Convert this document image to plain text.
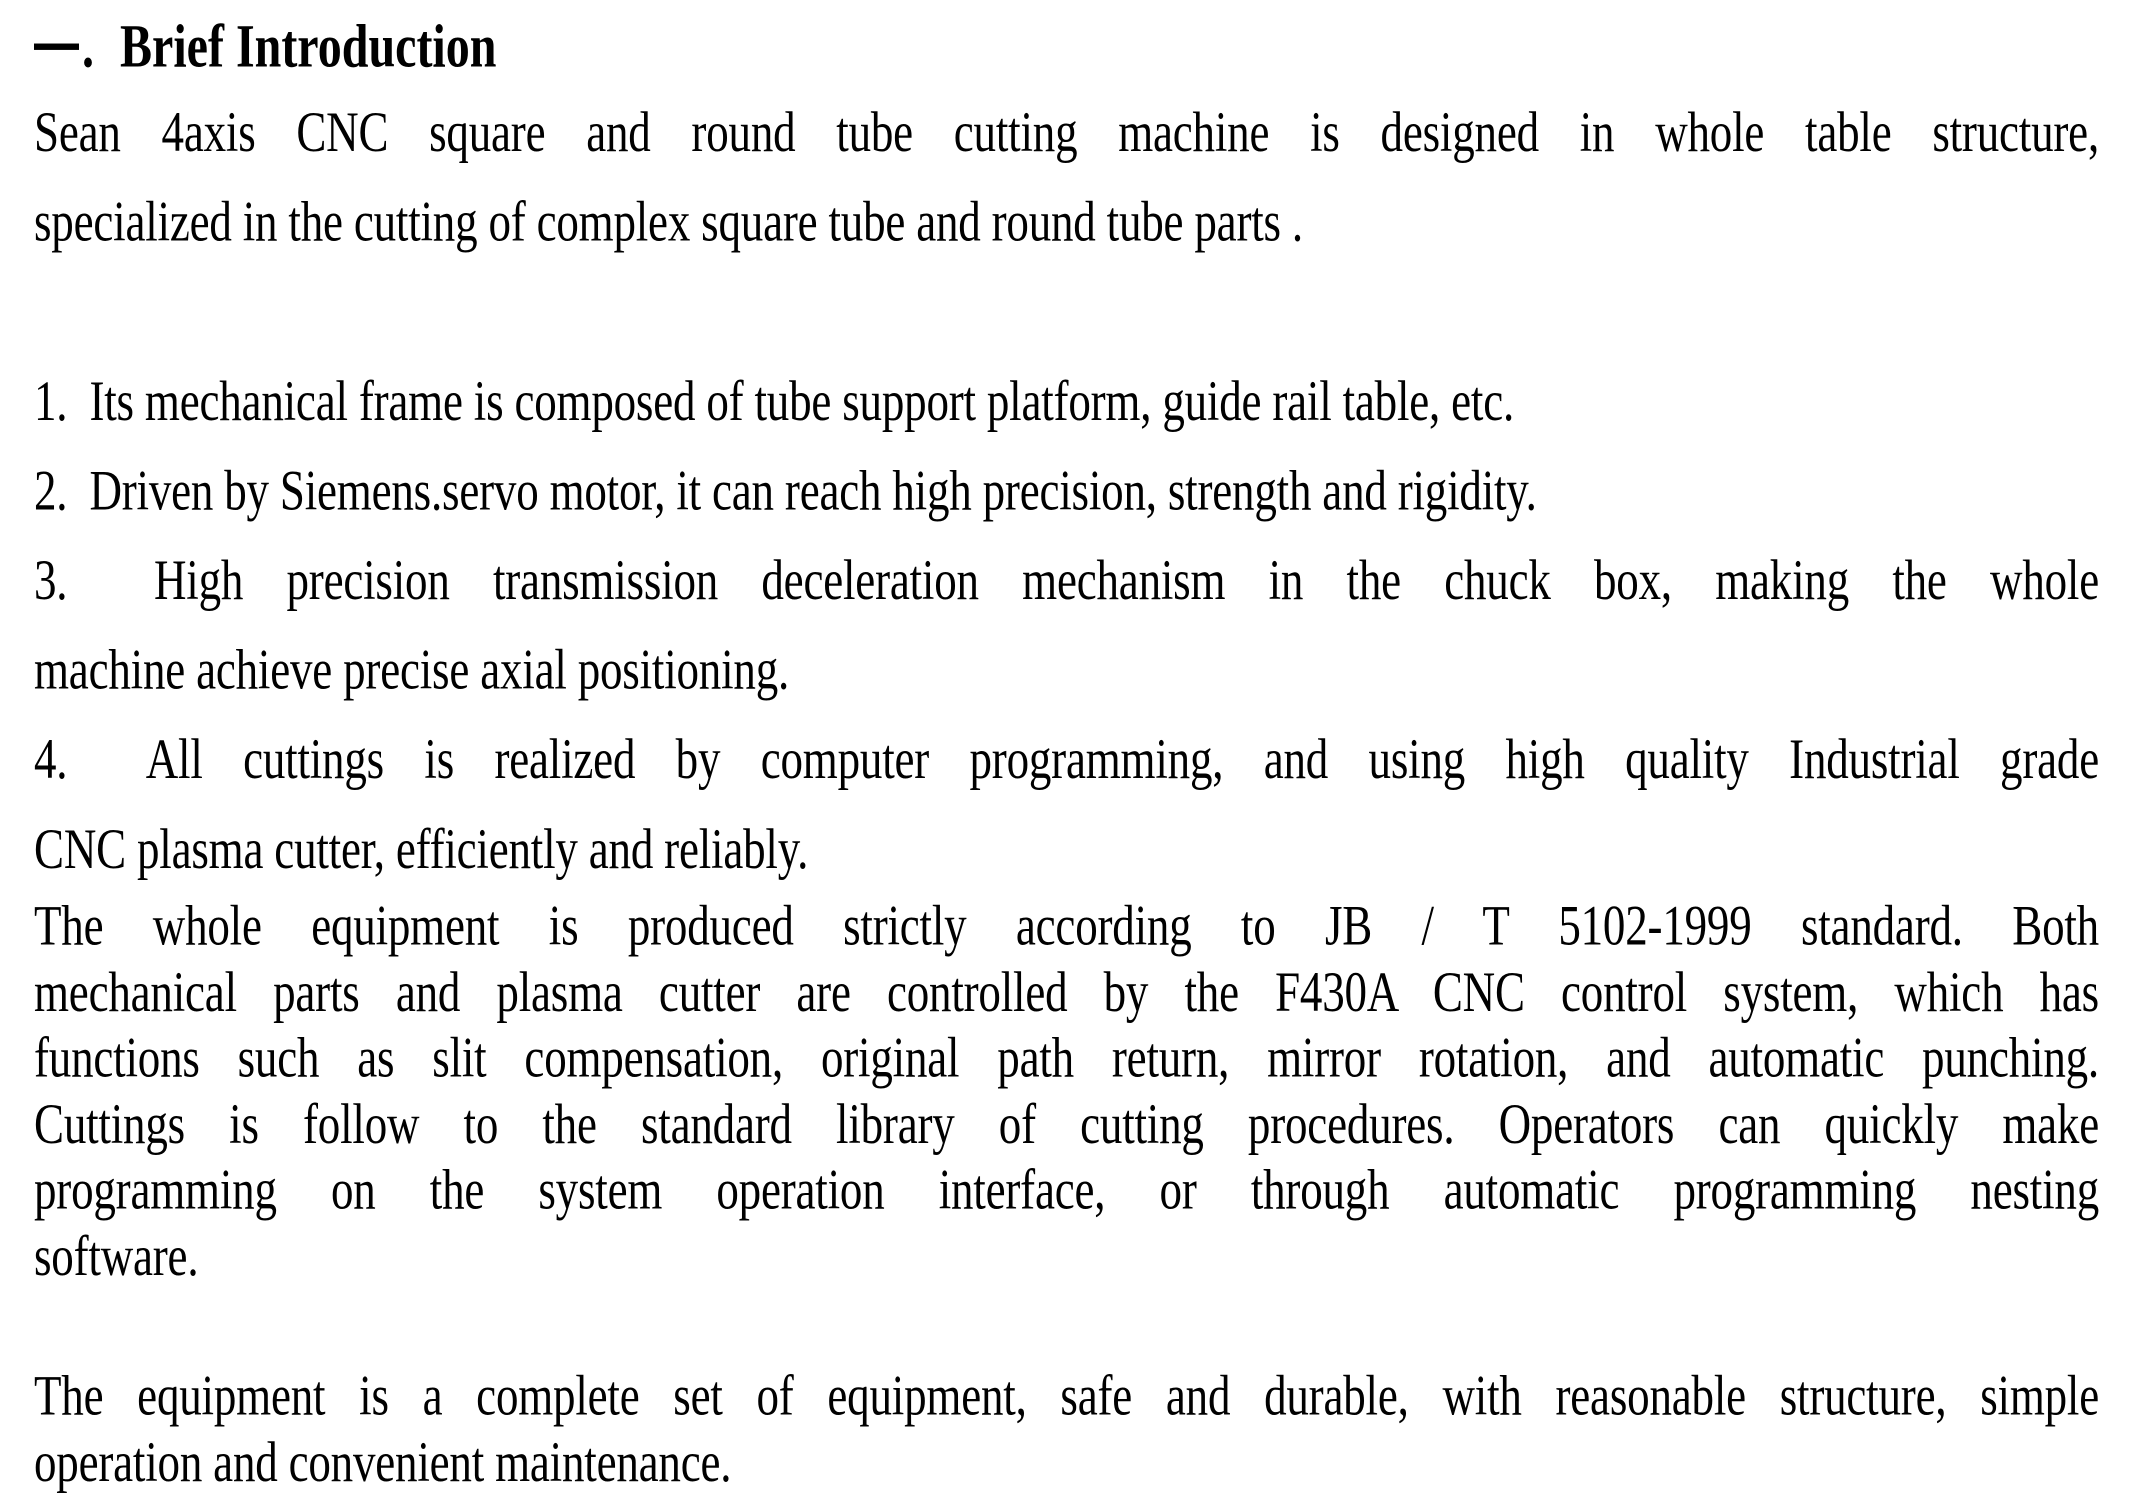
. Brief Introduction
Sean 4axis CNC square and round tube cutting machine is designed in whole table structure,
specialized in the cutting of complex square tube and round tube parts .
1.  Its mechanical frame is composed of tube support platform, guide rail table, etc.
2.  Driven by Siemens.servo motor, it can reach high precision, strength and rigidity.
3.  High precision transmission deceleration mechanism in the chuck box, making the whole
machine achieve precise axial positioning.
4.  All cuttings is realized by computer programming, and using high quality Industrial grade
CNC plasma cutter, efficiently and reliably.
The whole equipment is produced strictly according to JB / T 5102-1999 standard. Both
mechanical parts and plasma cutter are controlled by the F430A CNC control system, which has
functions such as slit compensation, original path return, mirror rotation, and automatic punching.
Cuttings is follow to the standard library of cutting procedures. Operators can quickly make
programming on the system operation interface, or through automatic programming nesting
software.
The equipment is a complete set of equipment, safe and durable, with reasonable structure, simple
operation and convenient maintenance.
